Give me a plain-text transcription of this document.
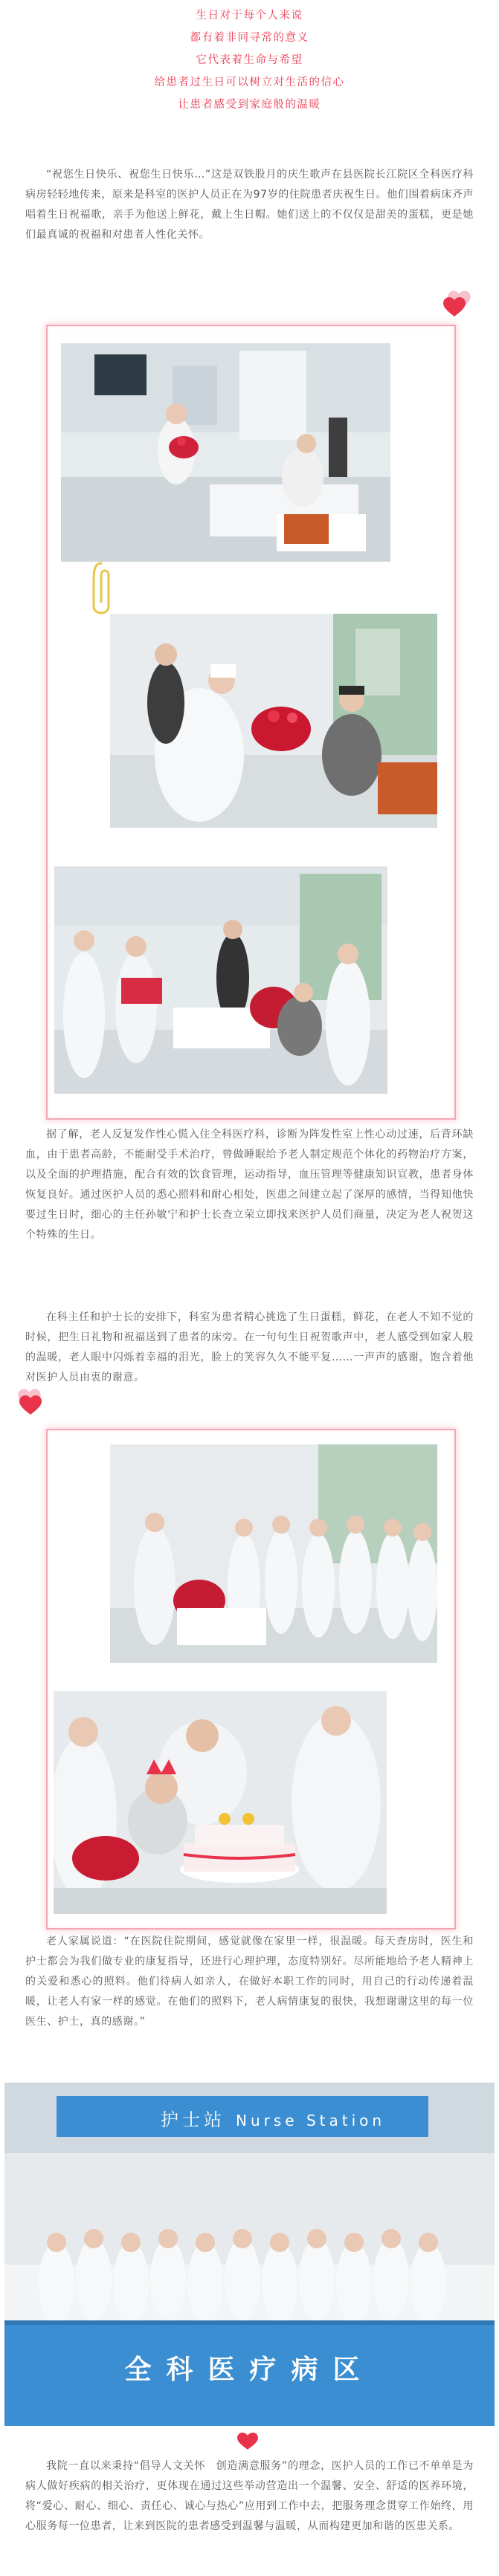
生日对于每个人来说

都有着非同寻常的意义

它代表着生命与希望

给患者过生日可以树立对生活的信心

让患者感受到家庭般的温暖

“祝您生日快乐、祝您生日快乐…”这是双铁股月的庆生歌声在县医院长江院区全科医疗科病房轻轻地传来，原来是科室的医护人员正在为97岁的住院患者庆祝生日。他们围着病床齐声唱着生日祝福歌，亲手为他送上鲜花，戴上生日帽。她们送上的不仅仅是甜美的蛋糕，更是她们最真诚的祝福和对患者人性化关怀。

据了解，老人反复发作性心慌入住全科医疗科，诊断为阵发性室上性心动过速，后背环缺血，由于患者高龄，不能耐受手术治疗，曾做睡眠给予老人制定规范个体化的药物治疗方案，以及全面的护理措施，配合有效的饮食管理，运动指导，血压管理等健康知识宣教，患者身体恢复良好。通过医护人员的悉心照料和耐心相处，医患之间建立起了深厚的感情，当得知他快要过生日时，细心的主任孙敏宁和护士长查立荣立即找来医护人员们商量，决定为老人祝贺这个特殊的生日。

在科主任和护士长的安排下，科室为患者精心挑选了生日蛋糕，鲜花，在老人不知不觉的时候，把生日礼物和祝福送到了患者的床旁。在一句句生日祝贺歌声中，老人感受到如家人般的温暖，老人眼中闪烁着幸福的泪光，脸上的笑容久久不能平复……一声声的感谢，饱含着他对医护人员由衷的谢意。

老人家属说道：“在医院住院期间，感觉就像在家里一样，很温暖。每天查房时，医生和护士都会为我们做专业的康复指导，还进行心理护理，态度特别好。尽所能地给予老人精神上的关爱和悉心的照料。他们待病人如亲人，在做好本职工作的同时，用自己的行动传递着温暖，让老人有家一样的感觉。在他们的照料下，老人病情康复的很快，我想谢谢这里的每一位医生、护士，真的感谢。”

护士站 Nurse Station
全科医疗病区

我院一直以来秉持“倡导人文关怀　创造满意服务”的理念，医护人员的工作已不单单是为病人做好疾病的相关治疗，更体现在通过这些举动营造出一个温馨、安全、舒适的医养环境，将“爱心、耐心、细心、责任心、诚心与热心”应用到工作中去，把服务理念贯穿工作始终，用心服务每一位患者，让来到医院的患者感受到温馨与温暖，从而构建更加和谐的医患关系。
